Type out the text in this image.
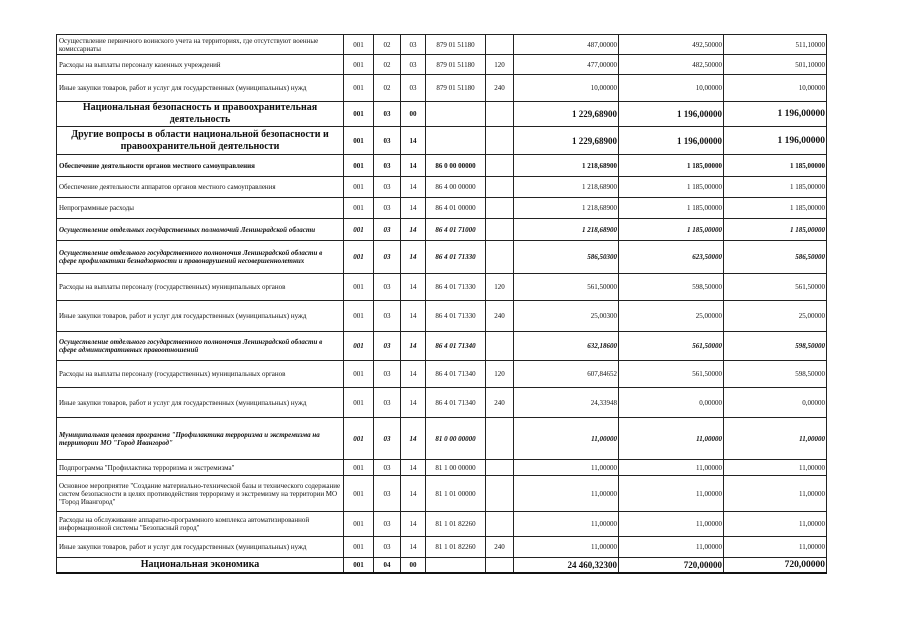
Осуществление первичного воинского учета на территориях, где отсутствуют военные комиссариаты	001	02	03	879 01 51180		487,00000	492,50000	511,10000
Расходы на выплаты персоналу казенных учреждений	001	02	03	879 01 51180	120	477,00000	482,50000	501,10000
Иные закупки товаров, работ и услуг для государственных (муниципальных) нужд	001	02	03	879 01 51180	240	10,00000	10,00000	10,00000
Национальная безопасность и правоохранительная деятельность	001	03	00			1 229,68900	1 196,00000	1 196,00000
Другие вопросы в области национальной безопасности и правоохранительной деятельности	001	03	14			1 229,68900	1 196,00000	1 196,00000
Обеспечение деятельности органов местного самоуправления	001	03	14	86 0 00 00000		1 218,68900	1 185,00000	1 185,00000
Обеспечение деятельности аппаратов органов местного самоуправления	001	03	14	86 4 00 00000		1 218,68900	1 185,00000	1 185,00000
Непрограммные расходы	001	03	14	86 4 01 00000		1 218,68900	1 185,00000	1 185,00000
Осуществление отдельных государственных полномочий Ленинградской области	001	03	14	86 4 01 71000		1 218,68900	1 185,00000	1 185,00000
Осуществление отдельного государственного полномочия Ленинградской области в сфере профилактики безнадзорности и правонарушений несовершеннолетних	001	03	14	86 4 01 71330		586,50300	623,50000	586,50000
Расходы на выплаты персоналу (государственных) муниципальных органов	001	03	14	86 4 01 71330	120	561,50000	598,50000	561,50000
Иные закупки товаров, работ и услуг для государственных (муниципальных) нужд	001	03	14	86 4 01 71330	240	25,00300	25,00000	25,00000
Осуществление отдельного государственного полномочия Ленинградской области в сфере административных правоотношений	001	03	14	86 4 01 71340		632,18600	561,50000	598,50000
Расходы на выплаты персоналу (государственных) муниципальных органов	001	03	14	86 4 01 71340	120	607,84652	561,50000	598,50000
Иные закупки товаров, работ и услуг для государственных (муниципальных) нужд	001	03	14	86 4 01 71340	240	24,33948	0,00000	0,00000
Муниципальная целевая программа "Профилактика терроризма и экстремизма на территории МО "Город Ивангород"	001	03	14	81 0 00 00000		11,00000	11,00000	11,00000
Подпрограмма "Профилактика терроризма и экстремизма"	001	03	14	81 1 00 00000		11,00000	11,00000	11,00000
Основное мероприятие "Создание материально-технической базы и технического содержание систем безопасности в целях противодействия терроризму и экстремизму на территории МО "Город Ивангород"	001	03	14	81 1 01 00000		11,00000	11,00000	11,00000
Расходы на обслуживание аппаратно-программного комплекса автоматизированной информационной системы "Безопасный город"	001	03	14	81 1 01 82260		11,00000	11,00000	11,00000
Иные закупки товаров, работ и услуг для государственных (муниципальных) нужд	001	03	14	81 1 01 82260	240	11,00000	11,00000	11,00000
Национальная экономика	001	04	00			24 460,32300	720,00000	720,00000
